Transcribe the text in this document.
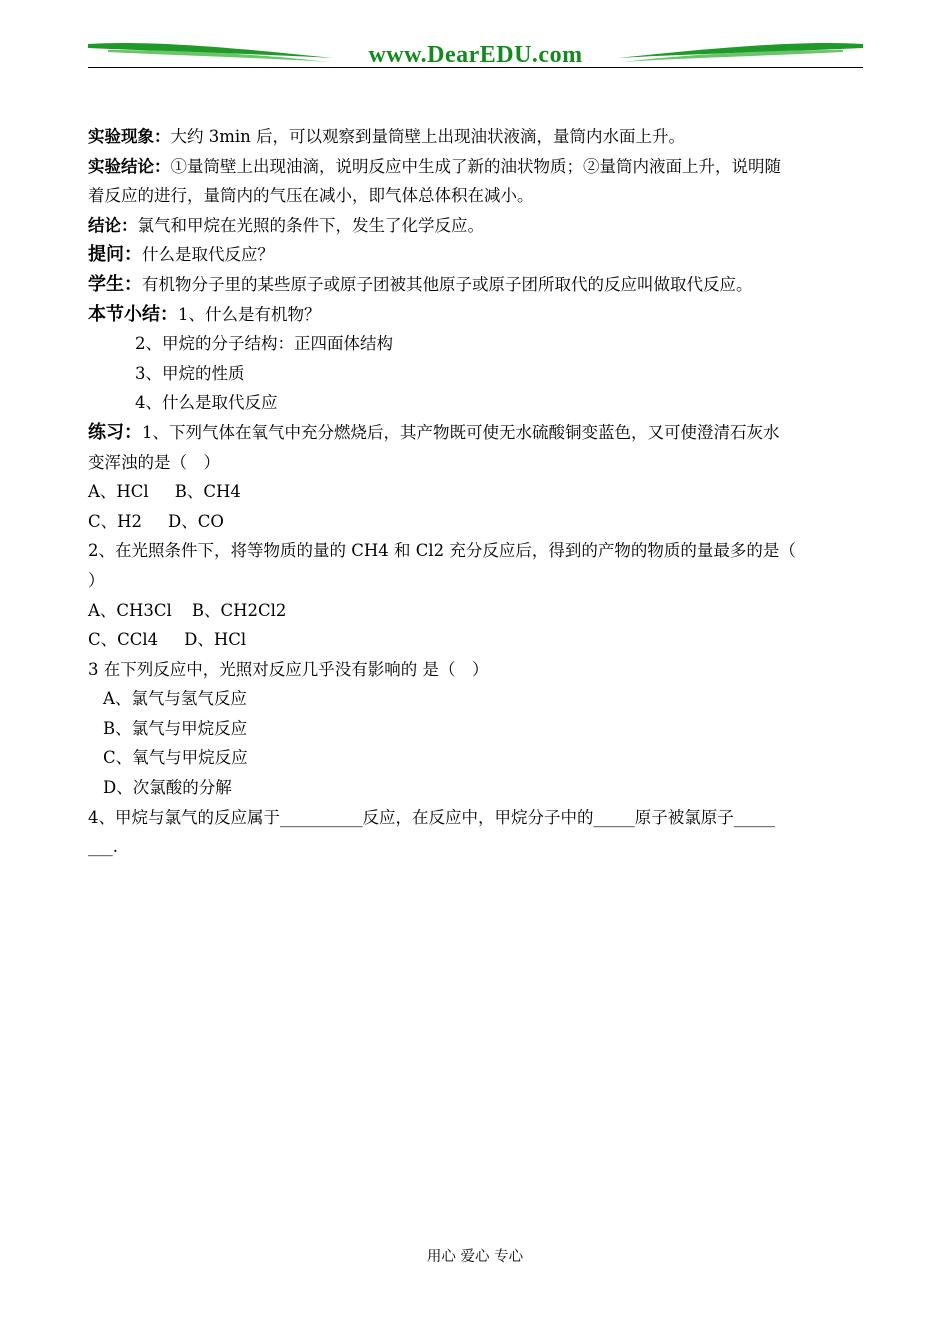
www.DearEDU.com
实验现象：大约 3min 后，可以观察到量筒壁上出现油状液滴，量筒内水面上升。
实验结论：①量筒壁上出现油滴，说明反应中生成了新的油状物质；②量筒内液面上升，说明随
着反应的进行，量筒内的气压在减小，即气体总体积在减小。
结论：氯气和甲烷在光照的条件下，发生了化学反应。
提问：什么是取代反应？
学生：有机物分子里的某些原子或原子团被其他原子或原子团所取代的反应叫做取代反应。
本节小结：1、什么是有机物？
2、甲烷的分子结构：正四面体结构
3、甲烷的性质
4、什么是取代反应
练习：1、下列气体在氧气中充分燃烧后，其产物既可使无水硫酸铜变蓝色，又可使澄清石灰水
变浑浊的是（　）
A、HCl B、CH4
C、H2 D、CO
2、在光照条件下，将等物质的量的 CH4 和 Cl2 充分反应后，得到的产物的物质的量最多的是（
）
A、CH3Cl B、CH2Cl2
C、CCl4 D、HCl
3 在下列反应中，光照对反应几乎没有影响的 是（　）
A、氯气与氢气反应
B、氯气与甲烷反应
C、氧气与甲烷反应
D、次氯酸的分解
4、甲烷与氯气的反应属于__________反应，在反应中，甲烷分子中的_____原子被氯原子_____
___.
用心 爱心 专心
